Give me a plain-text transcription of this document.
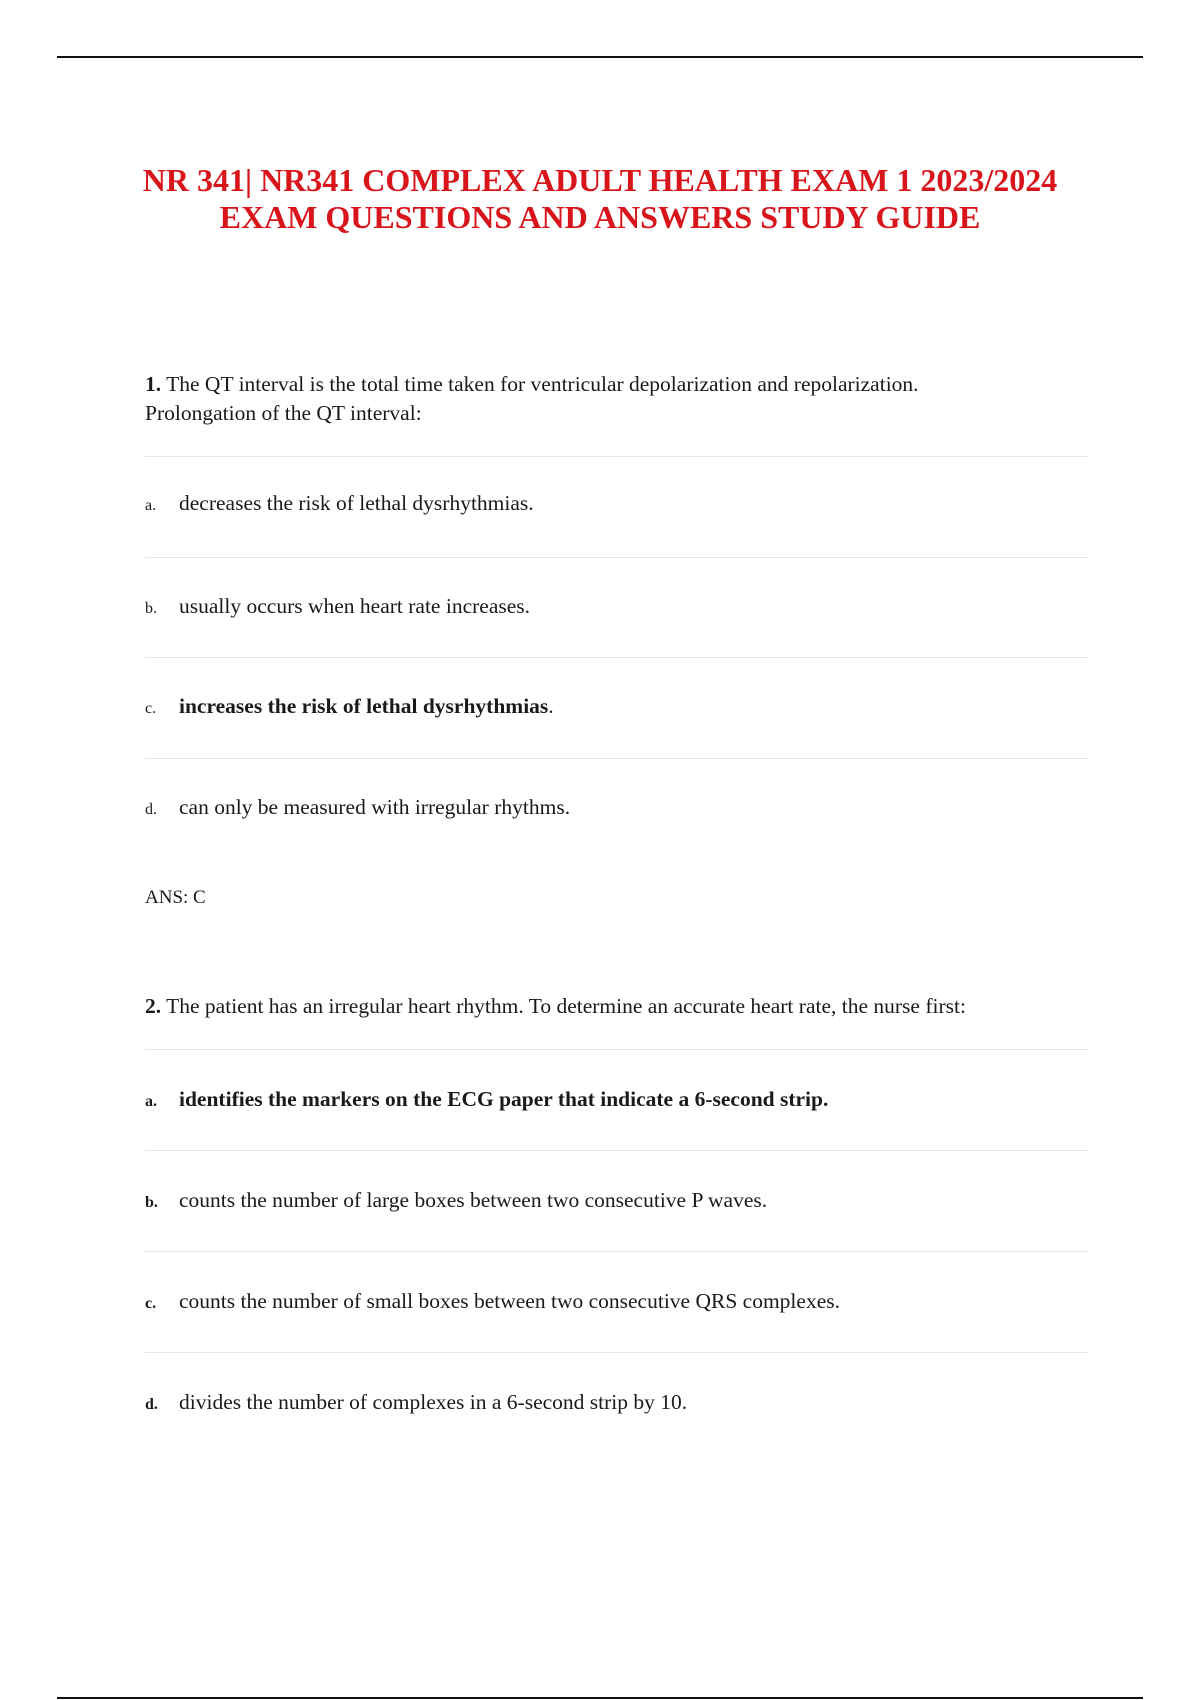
NR 341| NR341 COMPLEX ADULT HEALTH EXAM 1 2023/2024
EXAM QUESTIONS AND ANSWERS STUDY GUIDE
1. The QT interval is the total time taken for ventricular depolarization and repolarization.
Prolongation of the QT interval:
a. decreases the risk of lethal dysrhythmias.
b. usually occurs when heart rate increases.
c. increases the risk of lethal dysrhythmias.
d. can only be measured with irregular rhythms.
ANS: C
2. The patient has an irregular heart rhythm. To determine an accurate heart rate, the nurse first:
a. identifies the markers on the ECG paper that indicate a 6-second strip.
b. counts the number of large boxes between two consecutive P waves.
c. counts the number of small boxes between two consecutive QRS complexes.
d. divides the number of complexes in a 6-second strip by 10.
